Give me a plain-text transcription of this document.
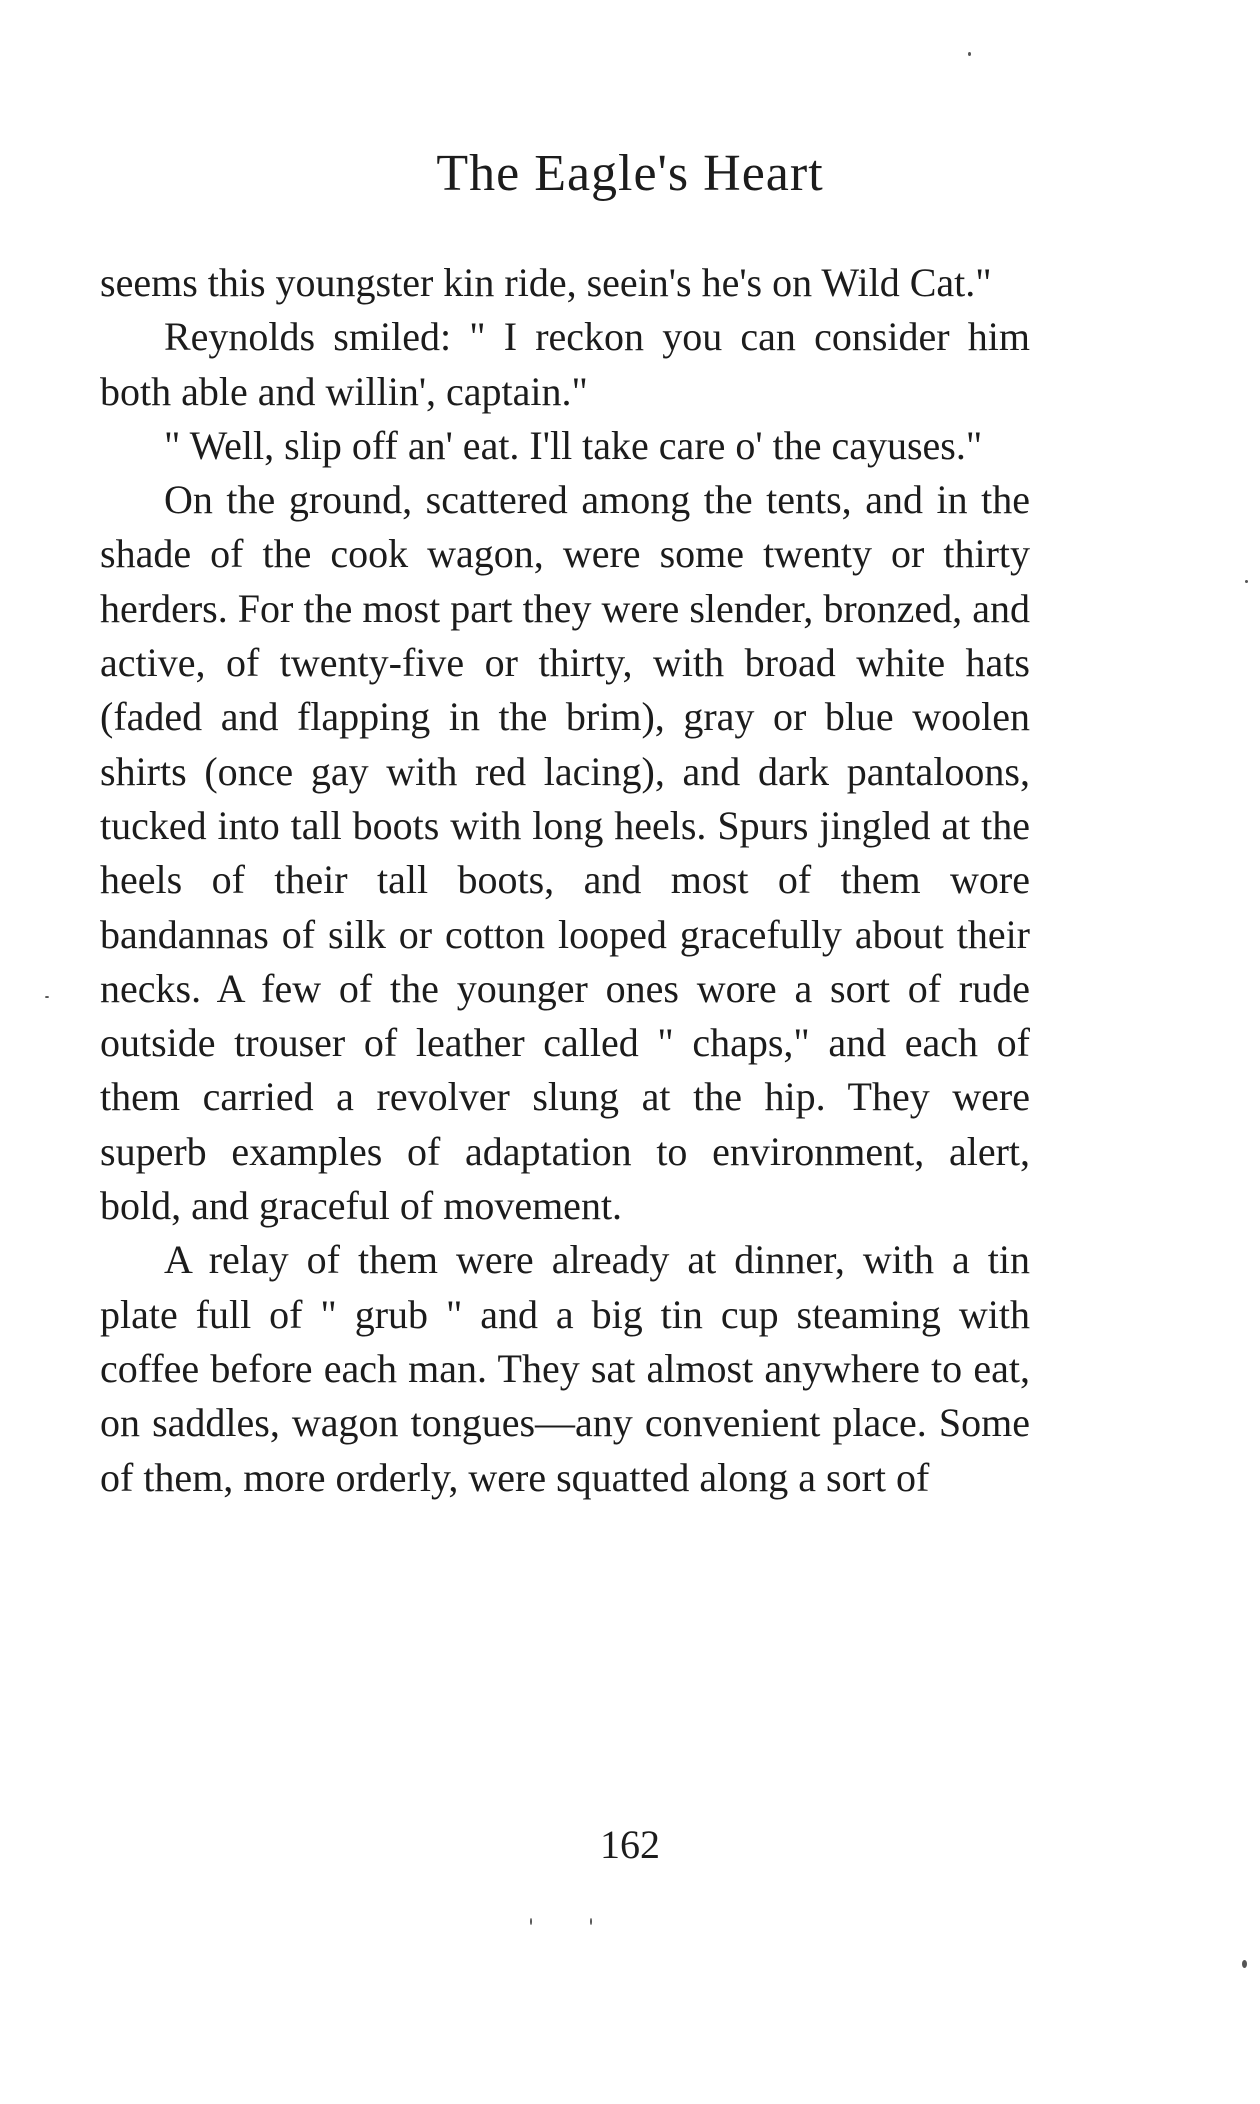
The Eagle's Heart

seems this youngster kin ride, seein's he's on Wild Cat."

Reynolds smiled: " I reckon you can consider him both able and willin', captain."

" Well, slip off an' eat. I'll take care o' the cayuses."

On the ground, scattered among the tents, and in the shade of the cook wagon, were some twenty or thirty herders. For the most part they were slender, bronzed, and active, of twenty-five or thirty, with broad white hats (faded and flapping in the brim), gray or blue woolen shirts (once gay with red lacing), and dark pantaloons, tucked into tall boots with long heels. Spurs jingled at the heels of their tall boots, and most of them wore bandannas of silk or cotton looped gracefully about their necks. A few of the younger ones wore a sort of rude outside trouser of leather called " chaps," and each of them carried a revolver slung at the hip. They were superb examples of adaptation to environment, alert, bold, and graceful of movement.

A relay of them were already at dinner, with a tin plate full of " grub " and a big tin cup steaming with coffee before each man. They sat almost anywhere to eat, on saddles, wagon tongues—any convenient place. Some of them, more orderly, were squatted along a sort of

162
